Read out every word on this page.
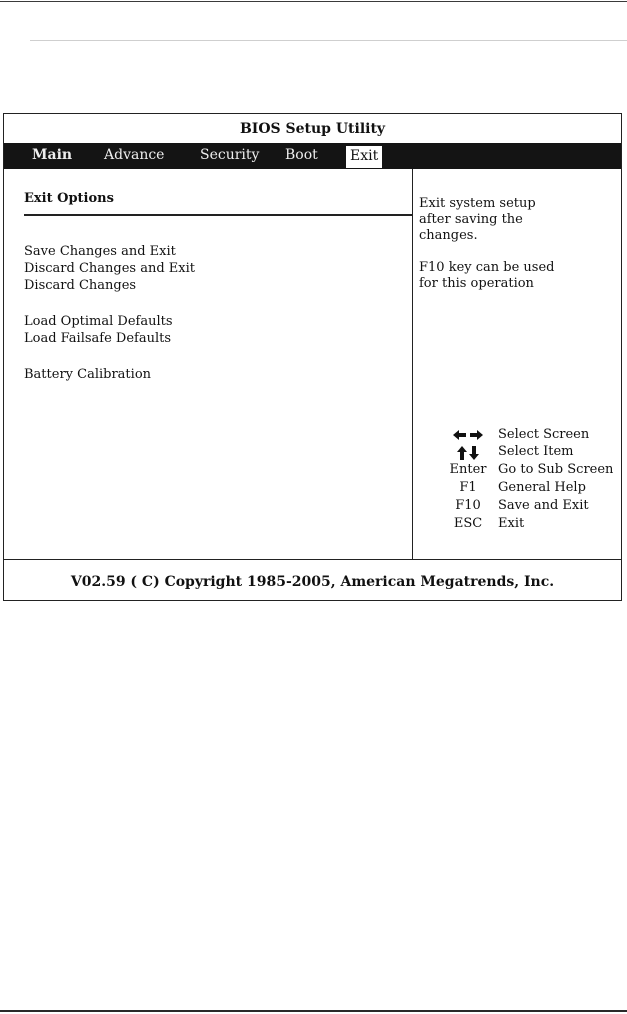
BIOS Setup Utility
Main Advance	Security Boot Exit
Exit Options
Save Changes and Exit
Discard Changes and Exit
Discard Changes
Load Optimal Defaults
Load Failsafe Defaults
Battery Calibration
Exit system setup
after saving the
changes.
F10 key can be used
for this operation
Select Screen
Select Item
Enter Go to Sub Screen
F1	General Help
F10	Save and Exit
ESC	Exit
V02.59 ( C) Copyright 1985-2005, American Megatrends, Inc.
